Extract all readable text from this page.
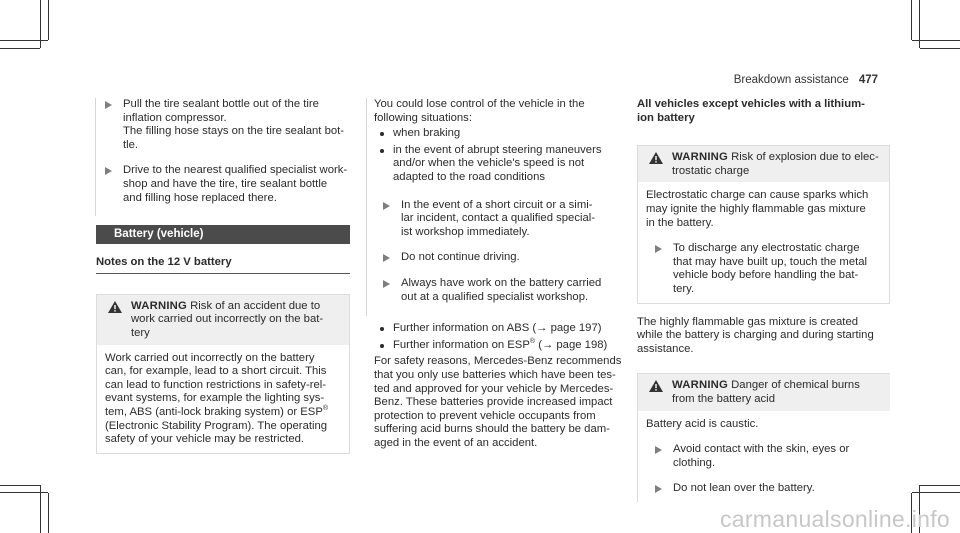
Breakdown assistance 477

Pull the tire sealant bottle out of the tire

inflation compressor.

The filling hose stays on the tire sealant bot-

tle.

Drive to the nearest qualified specialist work-

shop and have the tire, tire sealant bottle

and filling hose replaced there.

Battery (vehicle)
Notes on the 12 V battery

WARNING Risk of an accident due to

work carried out incorrectly on the bat-

tery

Work carried out incorrectly on the battery

can, for example, lead to a short circuit. This

can lead to function restrictions in safety-rel-

evant systems, for example the lighting sys-

tem, ABS (anti-lock braking system) or ESP®

(Electronic Stability Program). The operating

safety of your vehicle may be restricted.

You could lose control of the vehicle in the

following situations:

when braking

in the event of abrupt steering maneuvers

and/or when the vehicle's speed is not

adapted to the road conditions

In the event of a short circuit or a simi-

lar incident, contact a qualified special-

ist workshop immediately.

Do not continue driving.

Always have work on the battery carried

out at a qualified specialist workshop.

Further information on ABS (→ page 197)

Further information on ESP® (→ page 198)

For safety reasons, Mercedes-Benz recommends

that you only use batteries which have been tes-

ted and approved for your vehicle by Mercedes-

Benz. These batteries provide increased impact

protection to prevent vehicle occupants from

suffering acid burns should the battery be dam-

aged in the event of an accident.

All vehicles except vehicles with a lithium-

ion battery

WARNING Risk of explosion due to elec-

trostatic charge

Electrostatic charge can cause sparks which

may ignite the highly flammable gas mixture

in the battery.

To discharge any electrostatic charge

that may have built up, touch the metal

vehicle body before handling the bat-

tery.

The highly flammable gas mixture is created

while the battery is charging and during starting

assistance.

WARNING Danger of chemical burns

from the battery acid

Battery acid is caustic.

Avoid contact with the skin, eyes or

clothing.

Do not lean over the battery.

carmanualsonline.info
